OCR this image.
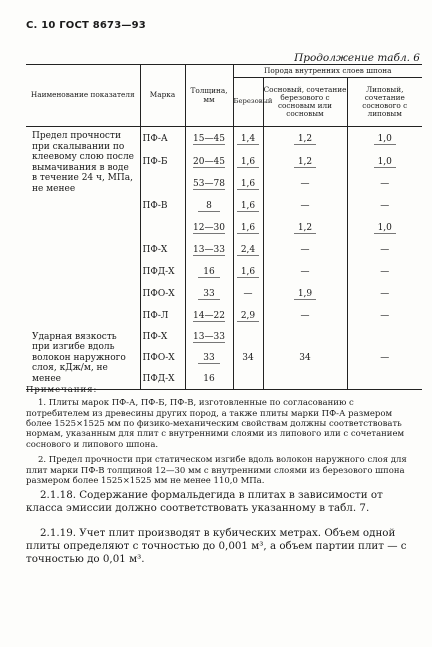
С. 10 ГОСТ 8673—93
Продолжение табл. 6
Наименование показателя	Марка	Толщина, мм	Порода внутренних слоев шпона		
			Березовый	Сосновый, сочетание березового с сосновым или сосновым	Липовый, сочетание соснового с липовым
Предел прочности при скалывании по клеевому слою после вымачивания в воде в течение 24 ч, МПа, не менее	ПФ-А	15—45	1,4	1,2	1,0
	ПФ-Б	20—45	1,6	1,2	1,0
		53—78	1,6	—	—
	ПФ-В	8	1,6	—	—
		12—30	1,6	1,2	1,0
	ПФ-Х	13—33	2,4	—	—
	ПФД-Х	16	1,6	—	—
	ПФО-Х	33	—	1,9	—
	ПФ-Л	14—22	2,9	—	—
Ударная вязкость при изгибе вдоль волокон наружного слоя, кДж/м, не менее	ПФ-Х	13—33	34	34	—
	ПФО-Х	33			
	ПФД-Х	16			
Примечания:

1. Плиты марок ПФ-А, ПФ-Б, ПФ-В, изготовленные по согласованию с потребителем из древесины других пород, а также плиты марки ПФ-А размером более 1525×1525 мм по физико-механическим свойствам должны соответствовать нормам, указанным для плит с внутренними слоями из липового или с сочетанием соснового и липового шпона.

2. Предел прочности при статическом изгибе вдоль волокон наружного слоя для плит марки ПФ-В толщиной 12—30 мм с внутренними слоями из березового шпона размером более 1525×1525 мм не менее 110,0 МПа.

2.1.18. Содержание формальдегида в плитах в зависимости от класса эмиссии должно соответствовать указанному в табл. 7.

2.1.19. Учет плит производят в кубических метрах. Объем одной плиты определяют с точностью до 0,001 м³, а объем партии плит — с точностью до 0,01 м³.
